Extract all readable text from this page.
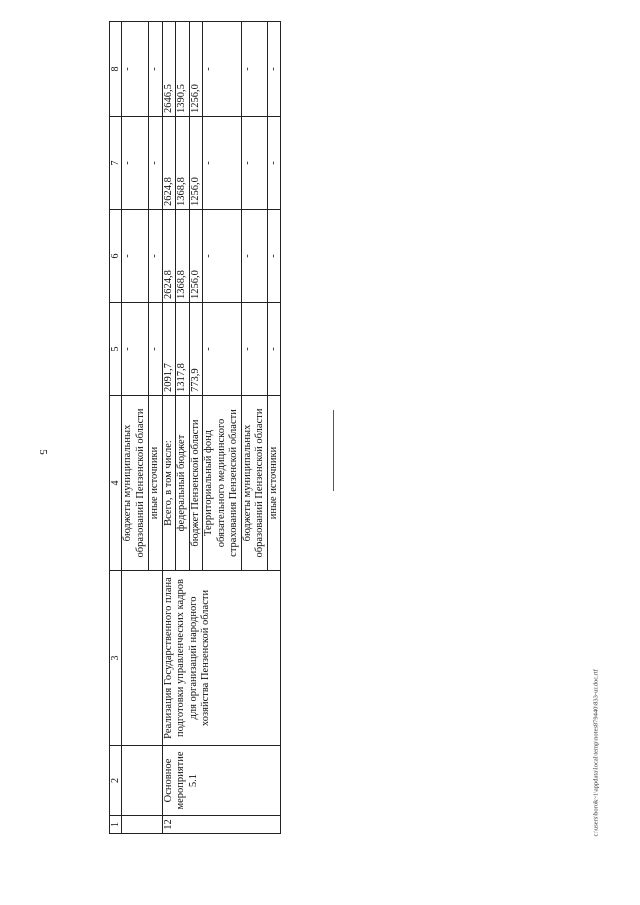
5
c:\users\borok~1\appdata\local\temp\notes879440\833-ur.doc.rtf
1	2	3	4	5	6	7	8
			бюджеты муниципальных образований Пензенской области	-	-	-	-
			иные источники	-	-	-	-
12	Основное мероприятие 5.1	Реализация Государственного плана подготовки управленческих кадров для организаций народного хозяйства Пензенской области	Всего, в том числе:	2091,7	2624,8	2624,8	2646,5
			федеральный бюджет	1317,8	1368,8	1368,8	1390,5
			бюджет Пензенской области	773,9	1256,0	1256,0	1256,0
			Территориальный фонд обязательного медицинского страхования Пензенской области	-	-	-	-
			бюджеты муниципальных образований Пензенской области	-	-	-	-
			иные источники	-	-	-	-
